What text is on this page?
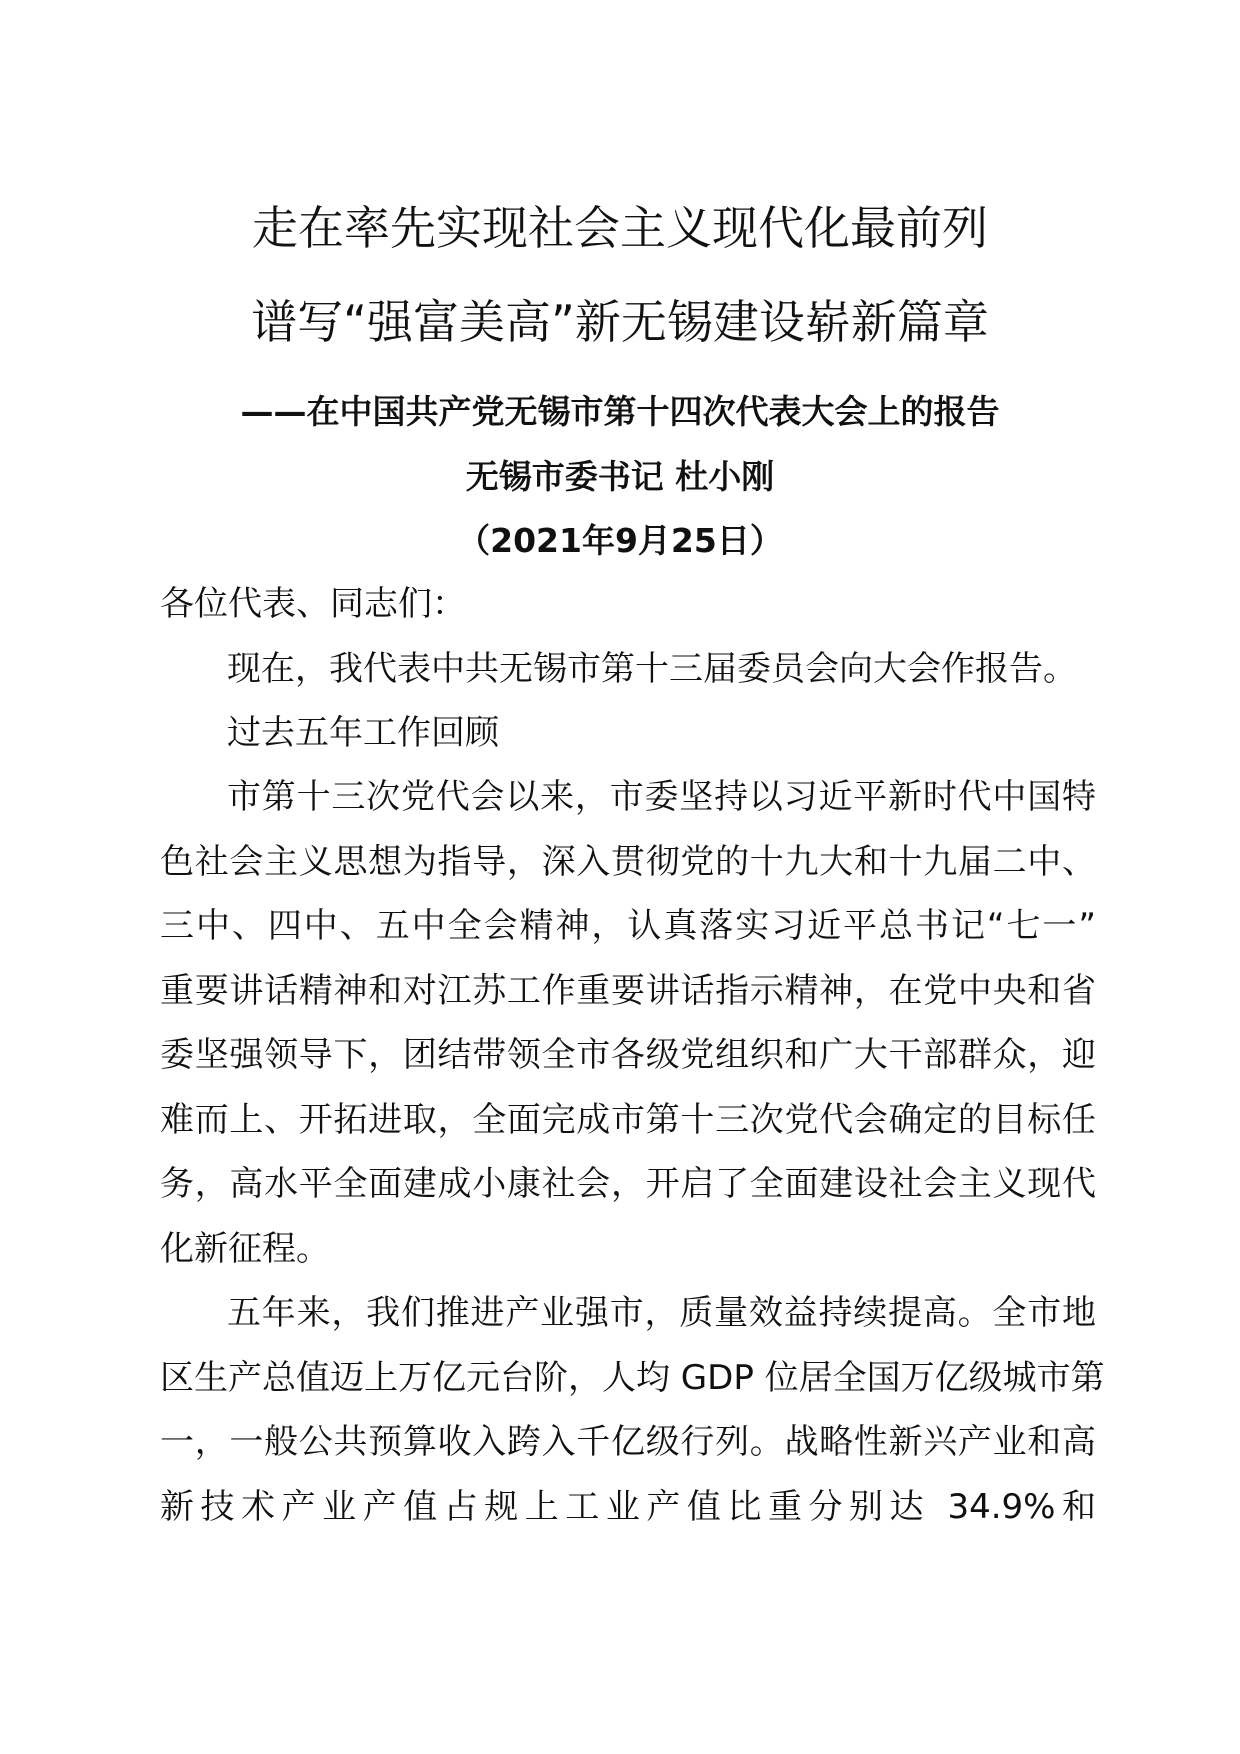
走在率先实现社会主义现代化最前列
谱写“强富美高”新无锡建设崭新篇章
——在中国共产党无锡市第十四次代表大会上的报告
无锡市委书记 杜小刚
（2021年9月25日）
各位代表、同志们：
现在，我代表中共无锡市第十三届委员会向大会作报告。
过去五年工作回顾
市第十三次党代会以来，市委坚持以习近平新时代中国特
色社会主义思想为指导，深入贯彻党的十九大和十九届二中、
三中、四中、五中全会精神，认真落实习近平总书记“七一”
重要讲话精神和对江苏工作重要讲话指示精神，在党中央和省
委坚强领导下，团结带领全市各级党组织和广大干部群众，迎
难而上、开拓进取，全面完成市第十三次党代会确定的目标任
务，高水平全面建成小康社会，开启了全面建设社会主义现代
化新征程。
五年来，我们推进产业强市，质量效益持续提高。全市地
区生产总值迈上万亿元台阶，人均 GDP 位居全国万亿级城市第
一，一般公共预算收入跨入千亿级行列。战略性新兴产业和高
新技术产业产值占规上工业产值比重分别达 34.9%和
